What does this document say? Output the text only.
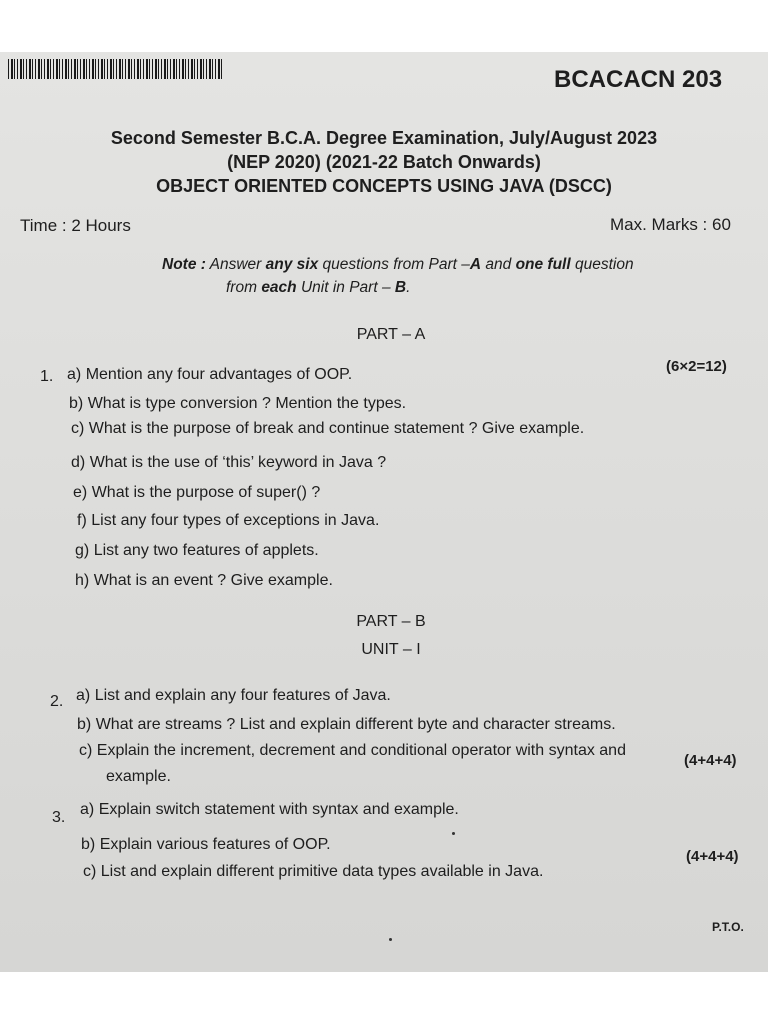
BCACACN 203
Second Semester B.C.A. Degree Examination, July/August 2023
(NEP 2020) (2021-22 Batch Onwards)
OBJECT ORIENTED CONCEPTS USING JAVA (DSCC)
Time : 2 Hours	Max. Marks : 60
Note : Answer any six questions from Part –A and one full question
from each Unit in Part – B.
PART – A
1.
(6×2=12)
a) Mention any four advantages of OOP.
b) What is type conversion ? Mention the types.
c) What is the purpose of break and continue statement ? Give example.
d) What is the use of ‘this’ keyword in Java ?
e) What is the purpose of super() ?
f) List any four types of exceptions in Java.
g) List any two features of applets.
h) What is an event ? Give example.
PART – B
UNIT – I
2. a) List and explain any four features of Java.
b) What are streams ? List and explain different byte and character streams.
c) Explain the increment, decrement and conditional operator with syntax and
example.
(4+4+4)
3. a) Explain switch statement with syntax and example.
b) Explain various features of OOP.
c) List and explain different primitive data types available in Java.
(4+4+4)
P.T.O.
